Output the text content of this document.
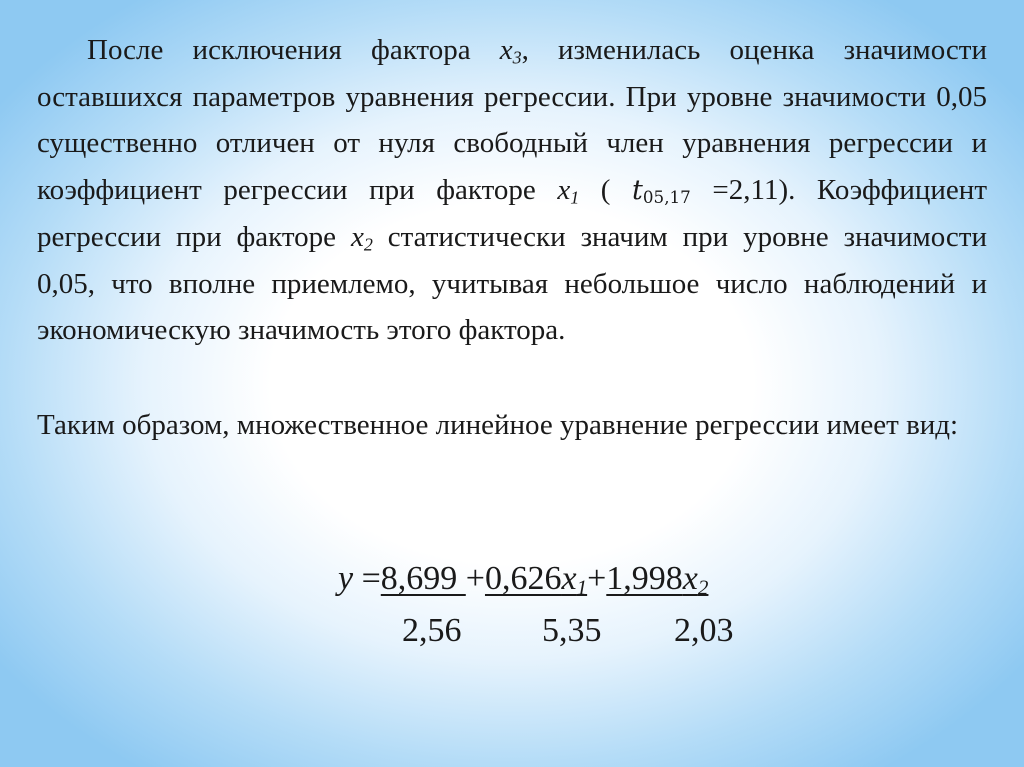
После исключения фактора $x_3$, изменилась оценка значимости оставшихся параметров уравнения регрессии. При уровне значимости 0,05 существенно отличен от нуля свободный член уравнения регрессии и коэффициент регрессии при факторе $x_1$ ( $t_{05,17} =2,11$). Коэффициент регрессии при факторе $x_2$ статистически значим при уровне значимости 0,05, что вполне приемлемо, учитывая небольшое число наблюдений и экономическую значимость этого фактора.

Таким образом, множественное линейное уравнение регрессии имеет вид:

$y =8,699 +0,626x_1+1,998x_2$
2,56 5,35 2,03
